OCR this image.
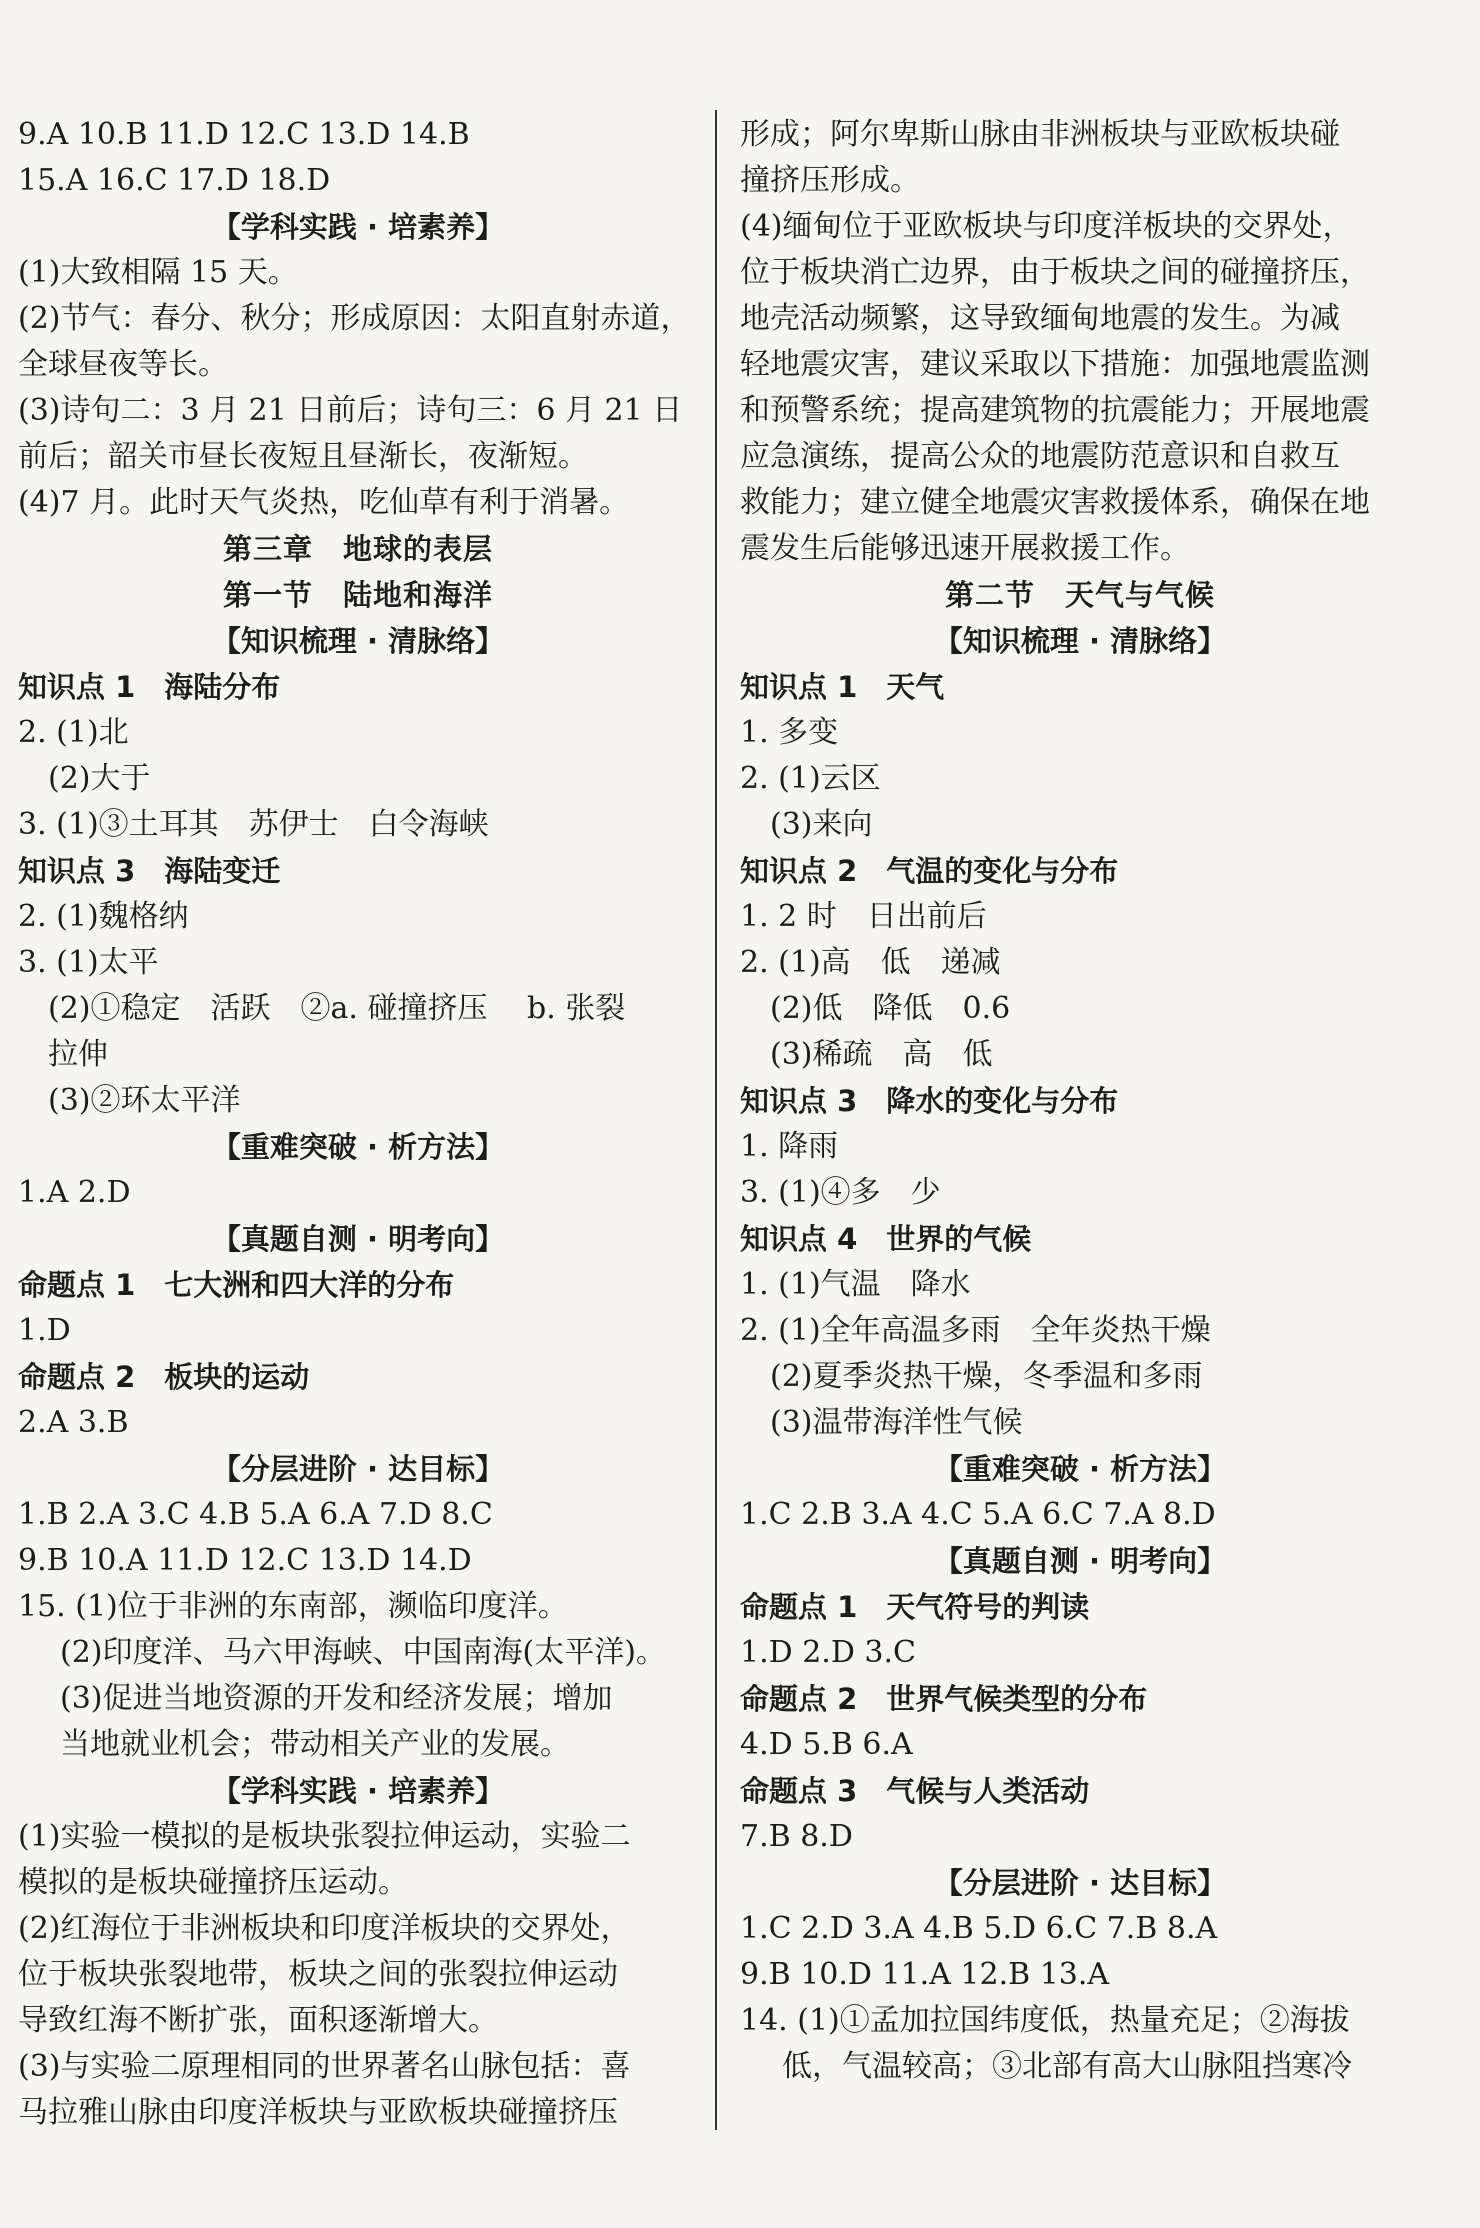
9.A 10.B 11.D 12.C 13.D 14.B
15.A 16.C 17.D 18.D
【学科实践 · 培素养】
(1)大致相隔 15 天。
(2)节气：春分、秋分；形成原因：太阳直射赤道，
全球昼夜等长。
(3)诗句二：3 月 21 日前后；诗句三：6 月 21 日
前后；韶关市昼长夜短且昼渐长，夜渐短。
(4)7 月。此时天气炎热，吃仙草有利于消暑。
第三章　地球的表层
第一节　陆地和海洋
【知识梳理 · 清脉络】
知识点 1　海陆分布
2. (1)北
(2)大于
3. (1)③土耳其　苏伊士　白令海峡
知识点 3　海陆变迁
2. (1)魏格纳
3. (1)太平
(2)①稳定　活跃　②a. 碰撞挤压　 b. 张裂
拉伸
(3)②环太平洋
【重难突破 · 析方法】
1.A 2.D
【真题自测 · 明考向】
命题点 1　七大洲和四大洋的分布
1.D
命题点 2　板块的运动
2.A 3.B
【分层进阶 · 达目标】
1.B 2.A 3.C 4.B 5.A 6.A 7.D 8.C
9.B 10.A 11.D 12.C 13.D 14.D
15. (1)位于非洲的东南部，濒临印度洋。
(2)印度洋、马六甲海峡、中国南海(太平洋)。
(3)促进当地资源的开发和经济发展；增加
当地就业机会；带动相关产业的发展。
【学科实践 · 培素养】
(1)实验一模拟的是板块张裂拉伸运动，实验二
模拟的是板块碰撞挤压运动。
(2)红海位于非洲板块和印度洋板块的交界处，
位于板块张裂地带，板块之间的张裂拉伸运动
导致红海不断扩张，面积逐渐增大。
(3)与实验二原理相同的世界著名山脉包括：喜
马拉雅山脉由印度洋板块与亚欧板块碰撞挤压
形成；阿尔卑斯山脉由非洲板块与亚欧板块碰
撞挤压形成。
(4)缅甸位于亚欧板块与印度洋板块的交界处，
位于板块消亡边界，由于板块之间的碰撞挤压，
地壳活动频繁，这导致缅甸地震的发生。为减
轻地震灾害，建议采取以下措施：加强地震监测
和预警系统；提高建筑物的抗震能力；开展地震
应急演练，提高公众的地震防范意识和自救互
救能力；建立健全地震灾害救援体系，确保在地
震发生后能够迅速开展救援工作。
第二节　天气与气候
【知识梳理 · 清脉络】
知识点 1　天气
1. 多变
2. (1)云区
(3)来向
知识点 2　气温的变化与分布
1. 2 时　日出前后
2. (1)高　低　递减
(2)低　降低　0.6
(3)稀疏　高　低
知识点 3　降水的变化与分布
1. 降雨
3. (1)④多　少
知识点 4　世界的气候
1. (1)气温　降水
2. (1)全年高温多雨　全年炎热干燥
(2)夏季炎热干燥，冬季温和多雨
(3)温带海洋性气候
【重难突破 · 析方法】
1.C 2.B 3.A 4.C 5.A 6.C 7.A 8.D
【真题自测 · 明考向】
命题点 1　天气符号的判读
1.D 2.D 3.C
命题点 2　世界气候类型的分布
4.D 5.B 6.A
命题点 3　气候与人类活动
7.B 8.D
【分层进阶 · 达目标】
1.C 2.D 3.A 4.B 5.D 6.C 7.B 8.A
9.B 10.D 11.A 12.B 13.A
14. (1)①孟加拉国纬度低，热量充足；②海拔
低，气温较高；③北部有高大山脉阻挡寒冷
